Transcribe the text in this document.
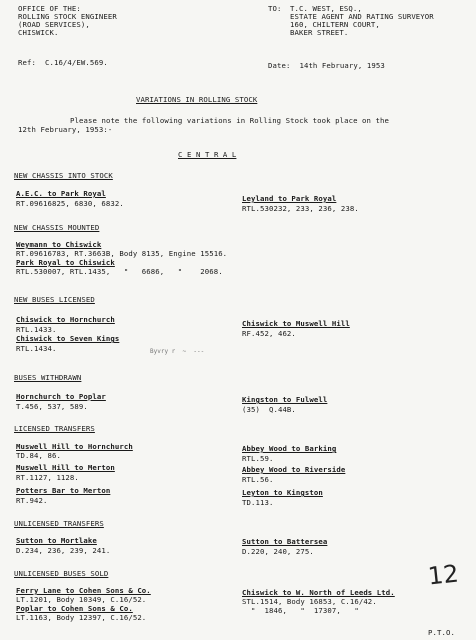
OFFICE OF THE:
ROLLING STOCK ENGINEER
(ROAD SERVICES),
CHISWICK.
TO: T.C. WEST, ESQ.,
ESTATE AGENT AND RATING SURVEYOR
160, CHILTERN COURT,
BAKER STREET.
Ref:  C.16/4/EW.569.	Date:  14th February, 1953
VARIATIONS IN ROLLING STOCK
Please note the following variations in Rolling Stock took place on the
12th February, 1953:-
C E N T R A L
NEW CHASSIS INTO STOCK
A.E.C. to Park Royal
RT.09616825, 6830, 6832.
Leyland to Park Royal
RTL.530232, 233, 236, 238.
NEW CHASSIS MOUNTED
Weymann to Chiswick
RT.09616783, RT.3663B, Body 8135, Engine 15516.
Park Royal to Chiswick
RTL.530007, RTL.1435,   "   6686,   "    2068.
NEW BUSES LICENSED
Chiswick to Hornchurch
RTL.1433.
Chiswick to Seven Kings
RTL.1434.
Chiswick to Muswell Hill
RF.452, 462.
Byvry r  ~  ---
BUSES WITHDRAWN
Hornchurch to Poplar
T.456, 537, 589.
Kingston to Fulwell
(35)  Q.44B.
LICENSED TRANSFERS
Muswell Hill to Hornchurch
TD.84, 86.
Muswell Hill to Merton
RT.1127, 1128.
Potters Bar to Merton
RT.942.
Abbey Wood to Barking
RTL.59.
Abbey Wood to Riverside
RTL.56.
Leyton to Kingston
TD.113.
UNLICENSED TRANSFERS
Sutton to Mortlake
D.234, 236, 239, 241.
Sutton to Battersea
D.220, 240, 275.
UNLICENSED BUSES SOLD
Ferry Lane to Cohen Sons & Co.
LT.1201, Body 10349, C.16/52.
Poplar to Cohen Sons & Co.
LT.1163, Body 12397, C.16/52.
Chiswick to W. North of Leeds Ltd.
STL.1514, Body 16853, C.16/42.
"  1846,   "  17307,   "
12
P.T.O.
